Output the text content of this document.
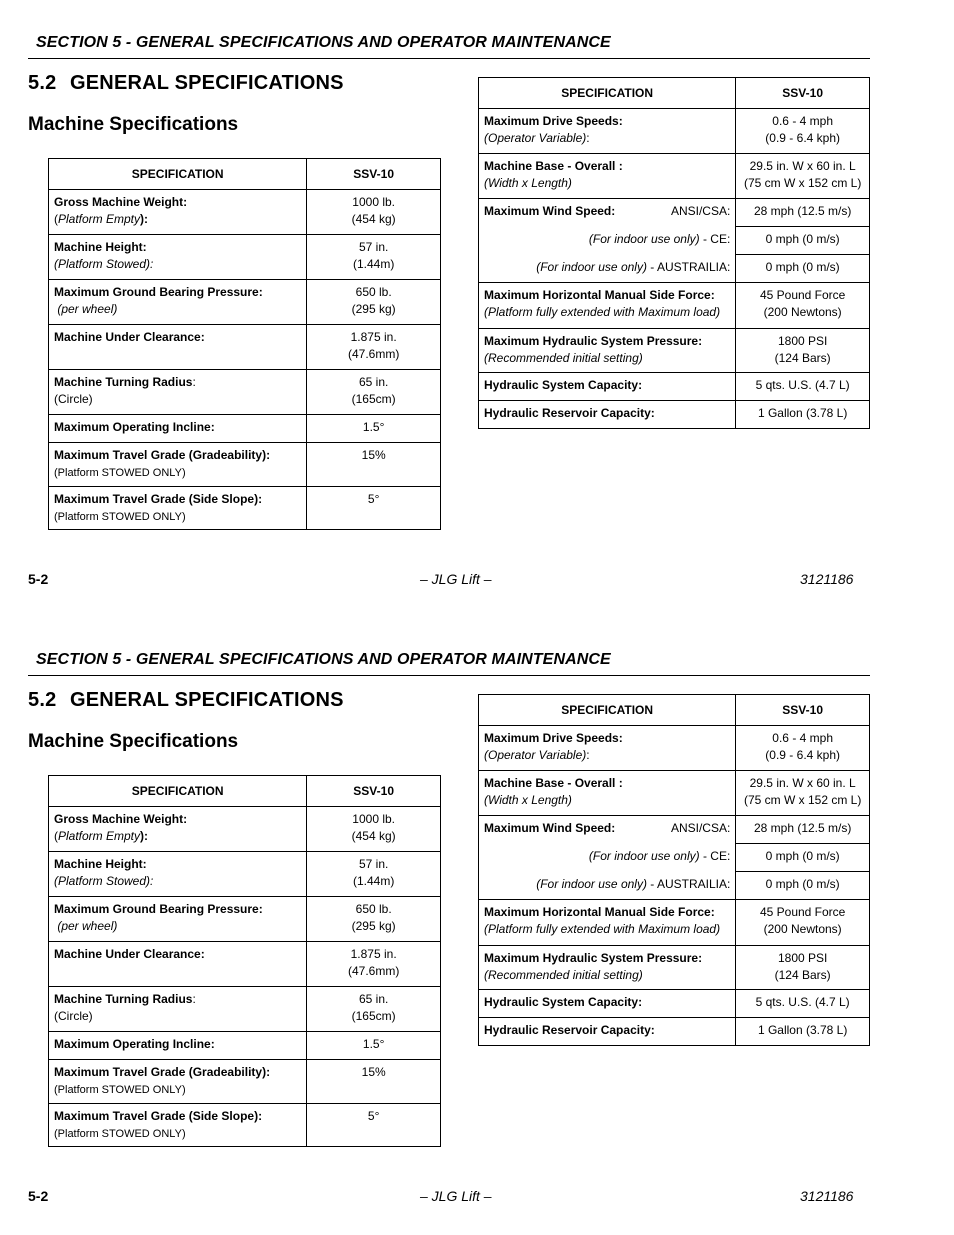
SECTION 5 - GENERAL SPECIFICATIONS AND OPERATOR MAINTENANCE
5.2 GENERAL SPECIFICATIONS
Machine Specifications
SPECIFICATION	SSV-10
Gross Machine Weight:
(Platform Empty):	1000 lb.
(454 kg)
Machine Height:
(Platform Stowed):	57 in.
(1.44m)
Maximum Ground Bearing Pressure:
(per wheel)	650 lb.
(295 kg)
Machine Under Clearance:	1.875 in.
(47.6mm)
Machine Turning Radius:
(Circle)	65 in.
(165cm)
Maximum Operating Incline:	1.5°
Maximum Travel Grade (Gradeability):
(Platform STOWED ONLY)	15%
Maximum Travel Grade (Side Slope):
(Platform STOWED ONLY)	5°
SPECIFICATION	SSV-10
Maximum Drive Speeds:
(Operator Variable):	0.6 - 4 mph
(0.9 - 6.4 kph)
Machine Base - Overall :
(Width x Length)	29.5 in. W x 60 in. L
(75 cm W x 152 cm L)

Maximum Wind Speed: ANSI/CSA:	28 mph (12.5 m/s)

(For indoor use only) - CE:	0 mph (0 m/s)

(For indoor use only) - AUSTRAILIA:	0 mph (0 m/s)
Maximum Horizontal Manual Side Force:
(Platform fully extended with Maximum load)	45 Pound Force
(200 Newtons)
Maximum Hydraulic System Pressure:
(Recommended initial setting)	1800 PSI
(124 Bars)
Hydraulic System Capacity:	5 qts. U.S. (4.7 L)
Hydraulic Reservoir Capacity:	1 Gallon (3.78 L)
5-2	– JLG Lift –	3121186
SECTION 5 - GENERAL SPECIFICATIONS AND OPERATOR MAINTENANCE
5.2 GENERAL SPECIFICATIONS
Machine Specifications
SPECIFICATION	SSV-10
Gross Machine Weight:
(Platform Empty):	1000 lb.
(454 kg)
Machine Height:
(Platform Stowed):	57 in.
(1.44m)
Maximum Ground Bearing Pressure:
(per wheel)	650 lb.
(295 kg)
Machine Under Clearance:	1.875 in.
(47.6mm)
Machine Turning Radius:
(Circle)	65 in.
(165cm)
Maximum Operating Incline:	1.5°
Maximum Travel Grade (Gradeability):
(Platform STOWED ONLY)	15%
Maximum Travel Grade (Side Slope):
(Platform STOWED ONLY)	5°
SPECIFICATION	SSV-10
Maximum Drive Speeds:
(Operator Variable):	0.6 - 4 mph
(0.9 - 6.4 kph)
Machine Base - Overall :
(Width x Length)	29.5 in. W x 60 in. L
(75 cm W x 152 cm L)

Maximum Wind Speed: ANSI/CSA:	28 mph (12.5 m/s)

(For indoor use only) - CE:	0 mph (0 m/s)

(For indoor use only) - AUSTRAILIA:	0 mph (0 m/s)
Maximum Horizontal Manual Side Force:
(Platform fully extended with Maximum load)	45 Pound Force
(200 Newtons)
Maximum Hydraulic System Pressure:
(Recommended initial setting)	1800 PSI
(124 Bars)
Hydraulic System Capacity:	5 qts. U.S. (4.7 L)
Hydraulic Reservoir Capacity:	1 Gallon (3.78 L)
5-2	– JLG Lift –	3121186
